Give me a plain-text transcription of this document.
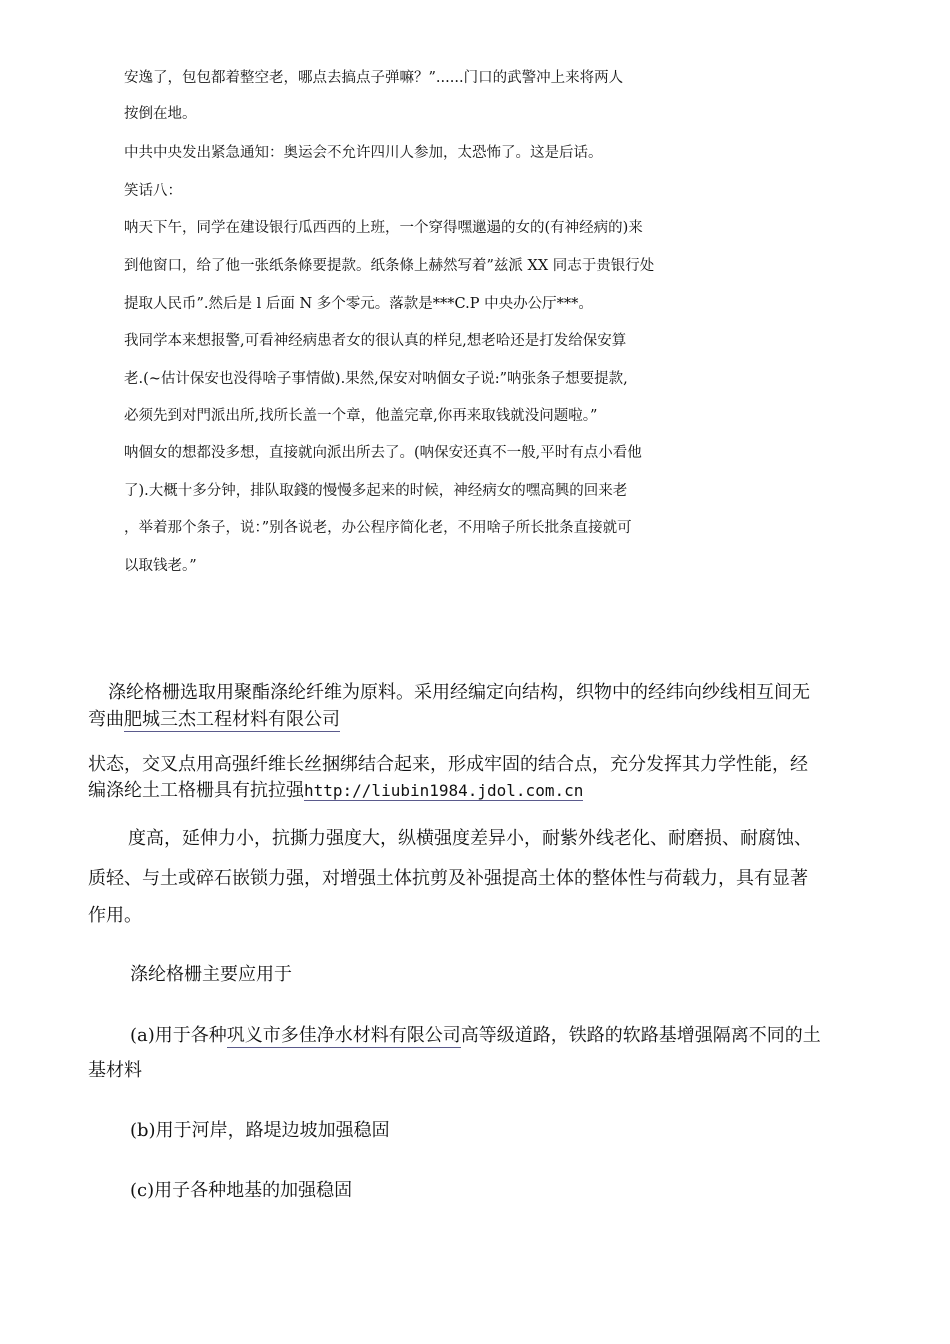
安逸了，包包都着整空老，哪点去搞点子弹嘛？”......门口的武警冲上来将两人
按倒在地。
中共中央发出紧急通知：奥运会不允许四川人参加，太恐怖了。这是后话。
笑话八：
呐天下午，同学在建设银行瓜西西的上班，一个穿得嘿邋遢的女的(有神经病的)来
到他窗口，给了他一张纸条條要提款。纸条條上赫然写着”兹派 XX 同志于贵银行处
提取人民币”.然后是 l 后面 N 多个零元。落款是***C.P 中央办公厅***。
我同学本来想报警,可看神经病患者女的很认真的样兒,想老哈还是打发给保安算
老.(~估计保安也没得啥子事情做).果然,保安对呐個女子说:”呐张条子想要提款,
必须先到对門派出所,找所长盖一个章，他盖完章,你再来取钱就没问题啦。”
呐個女的想都没多想，直接就向派出所去了。(呐保安还真不一般,平时有点小看他
了).大概十多分钟，排队取錢的慢慢多起来的时候，神经病女的嘿高興的回来老
，举着那个条子，说：”别各说老，办公程序简化老，不用啥子所长批条直接就可
以取钱老。”
涤纶格栅选取用聚酯涤纶纤维为原料。采用经编定向结构，织物中的经纬向纱线相互间无
弯曲肥城三杰工程材料有限公司
状态，交叉点用高强纤维长丝捆绑结合起来，形成牢固的结合点，充分发挥其力学性能，经
编涤纶土工格栅具有抗拉强http://liubin1984.jdol.com.cn
度高，延伸力小，抗撕力强度大，纵横强度差异小，耐紫外线老化、耐磨损、耐腐蚀、
质轻、与土或碎石嵌锁力强，对增强土体抗剪及补强提高土体的整体性与荷载力，具有显著
作用。
涤纶格栅主要应用于
(a)用于各种巩义市多佳净水材料有限公司高等级道路，铁路的软路基增强隔离不同的土
基材料
(b)用于河岸，路堤边坡加强稳固
(c)用子各种地基的加强稳固
